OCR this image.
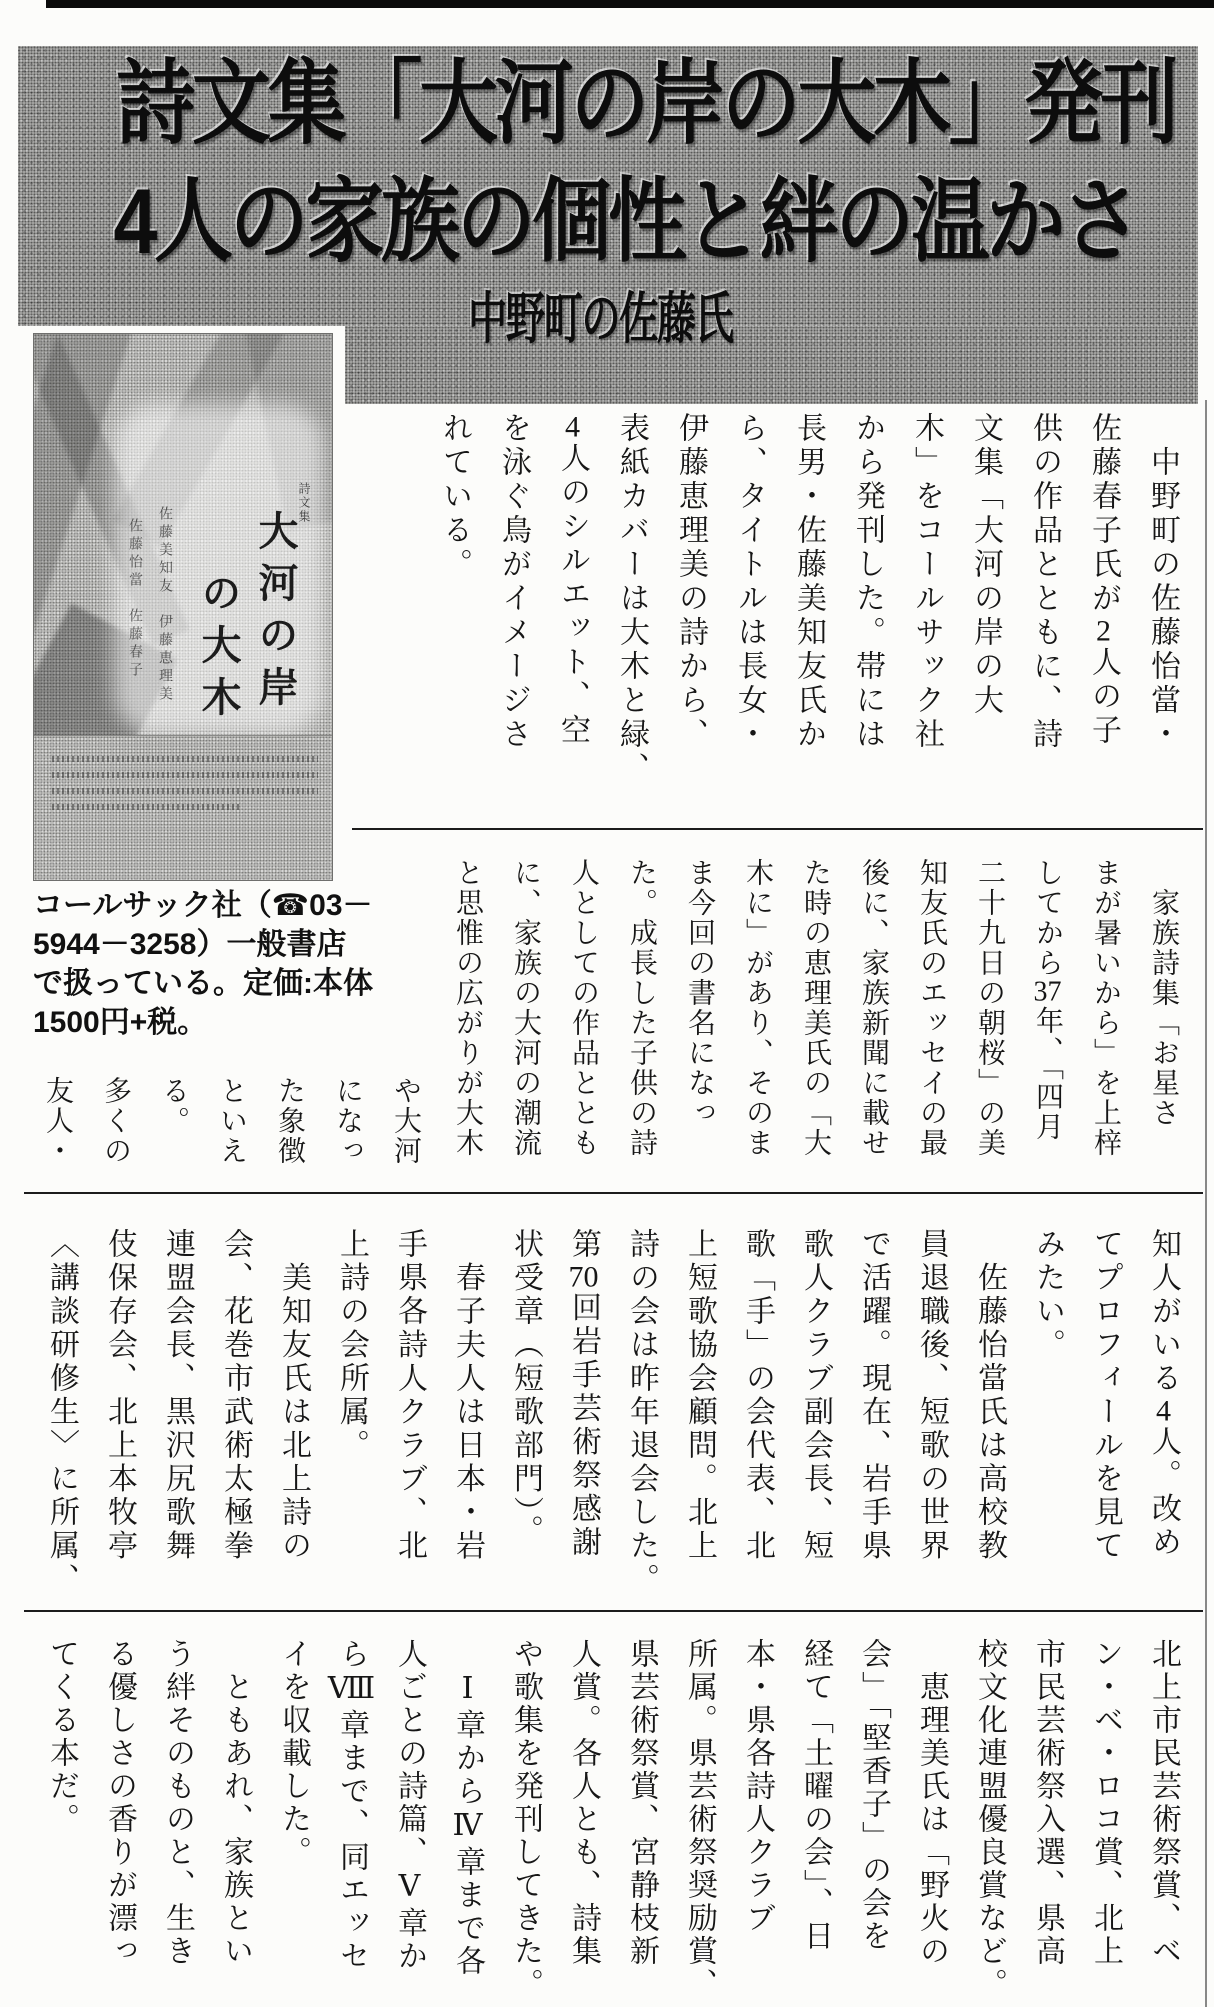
詩文集「大河の岸の大木」発刊
4人の家族の個性と絆の温かさ
中野町の佐藤氏
詩文集
大河の岸
の大木
佐藤美知友　伊藤恵理美
佐藤怡當　佐藤春子
コールサック社（☎03－
5944－3258）一般書店
で扱っている。定価:本体
1500円+税。
　中野町の佐藤怡當・
佐藤春子氏が2人の子
供の作品とともに、詩
文集「大河の岸の大
木」をコールサック社
から発刊した。帯には
長男・佐藤美知友氏か
ら、タイトルは長女・
伊藤恵理美の詩から、
表紙カバーは大木と緑、
4人のシルエット、空
を泳ぐ鳥がイメージさ
れている。
　家族詩集「お星さ
まが暑いから」を上梓
してから37年、「四月
二十九日の朝桜」の美
知友氏のエッセイの最
後に、家族新聞に載せ
た時の恵理美氏の「大
木に」があり、そのま
ま今回の書名になっ
た。成長した子供の詩
人としての作品ととも
に、家族の大河の潮流
と思惟の広がりが大木
や大河
になっ
た象徴
といえ
る。
多くの
友人・
知人がいる4人。改め
てプロフィールを見て
みたい。
　佐藤怡當氏は高校教
員退職後、短歌の世界
で活躍。現在、岩手県
歌人クラブ副会長、短
歌「手」の会代表、北
上短歌協会顧問。北上
詩の会は昨年退会した。
第70回岩手芸術祭感謝
状受章（短歌部門）。
　春子夫人は日本・岩
手県各詩人クラブ、北
上詩の会所属。
　美知友氏は北上詩の
会、花巻市武術太極拳
連盟会長、黒沢尻歌舞
伎保存会、北上本牧亭
〈講談研修生〉に所属、
北上市民芸術祭賞、ベ
ン・ベ・ロコ賞、北上
市民芸術祭入選、県高
校文化連盟優良賞など。
　恵理美氏は「野火の
会」「堅香子」の会を
経て「土曜の会」、日
本・県各詩人クラブ
所属。県芸術祭奨励賞、
県芸術祭賞、宮静枝新
人賞。各人とも、詩集
や歌集を発刊してきた。
　Ⅰ章からⅣ章まで各
人ごとの詩篇、Ⅴ章か
らⅧ章まで、同エッセ
イを収載した。
　ともあれ、家族とい
う絆そのものと、生き
る優しさの香りが漂っ
てくる本だ。
